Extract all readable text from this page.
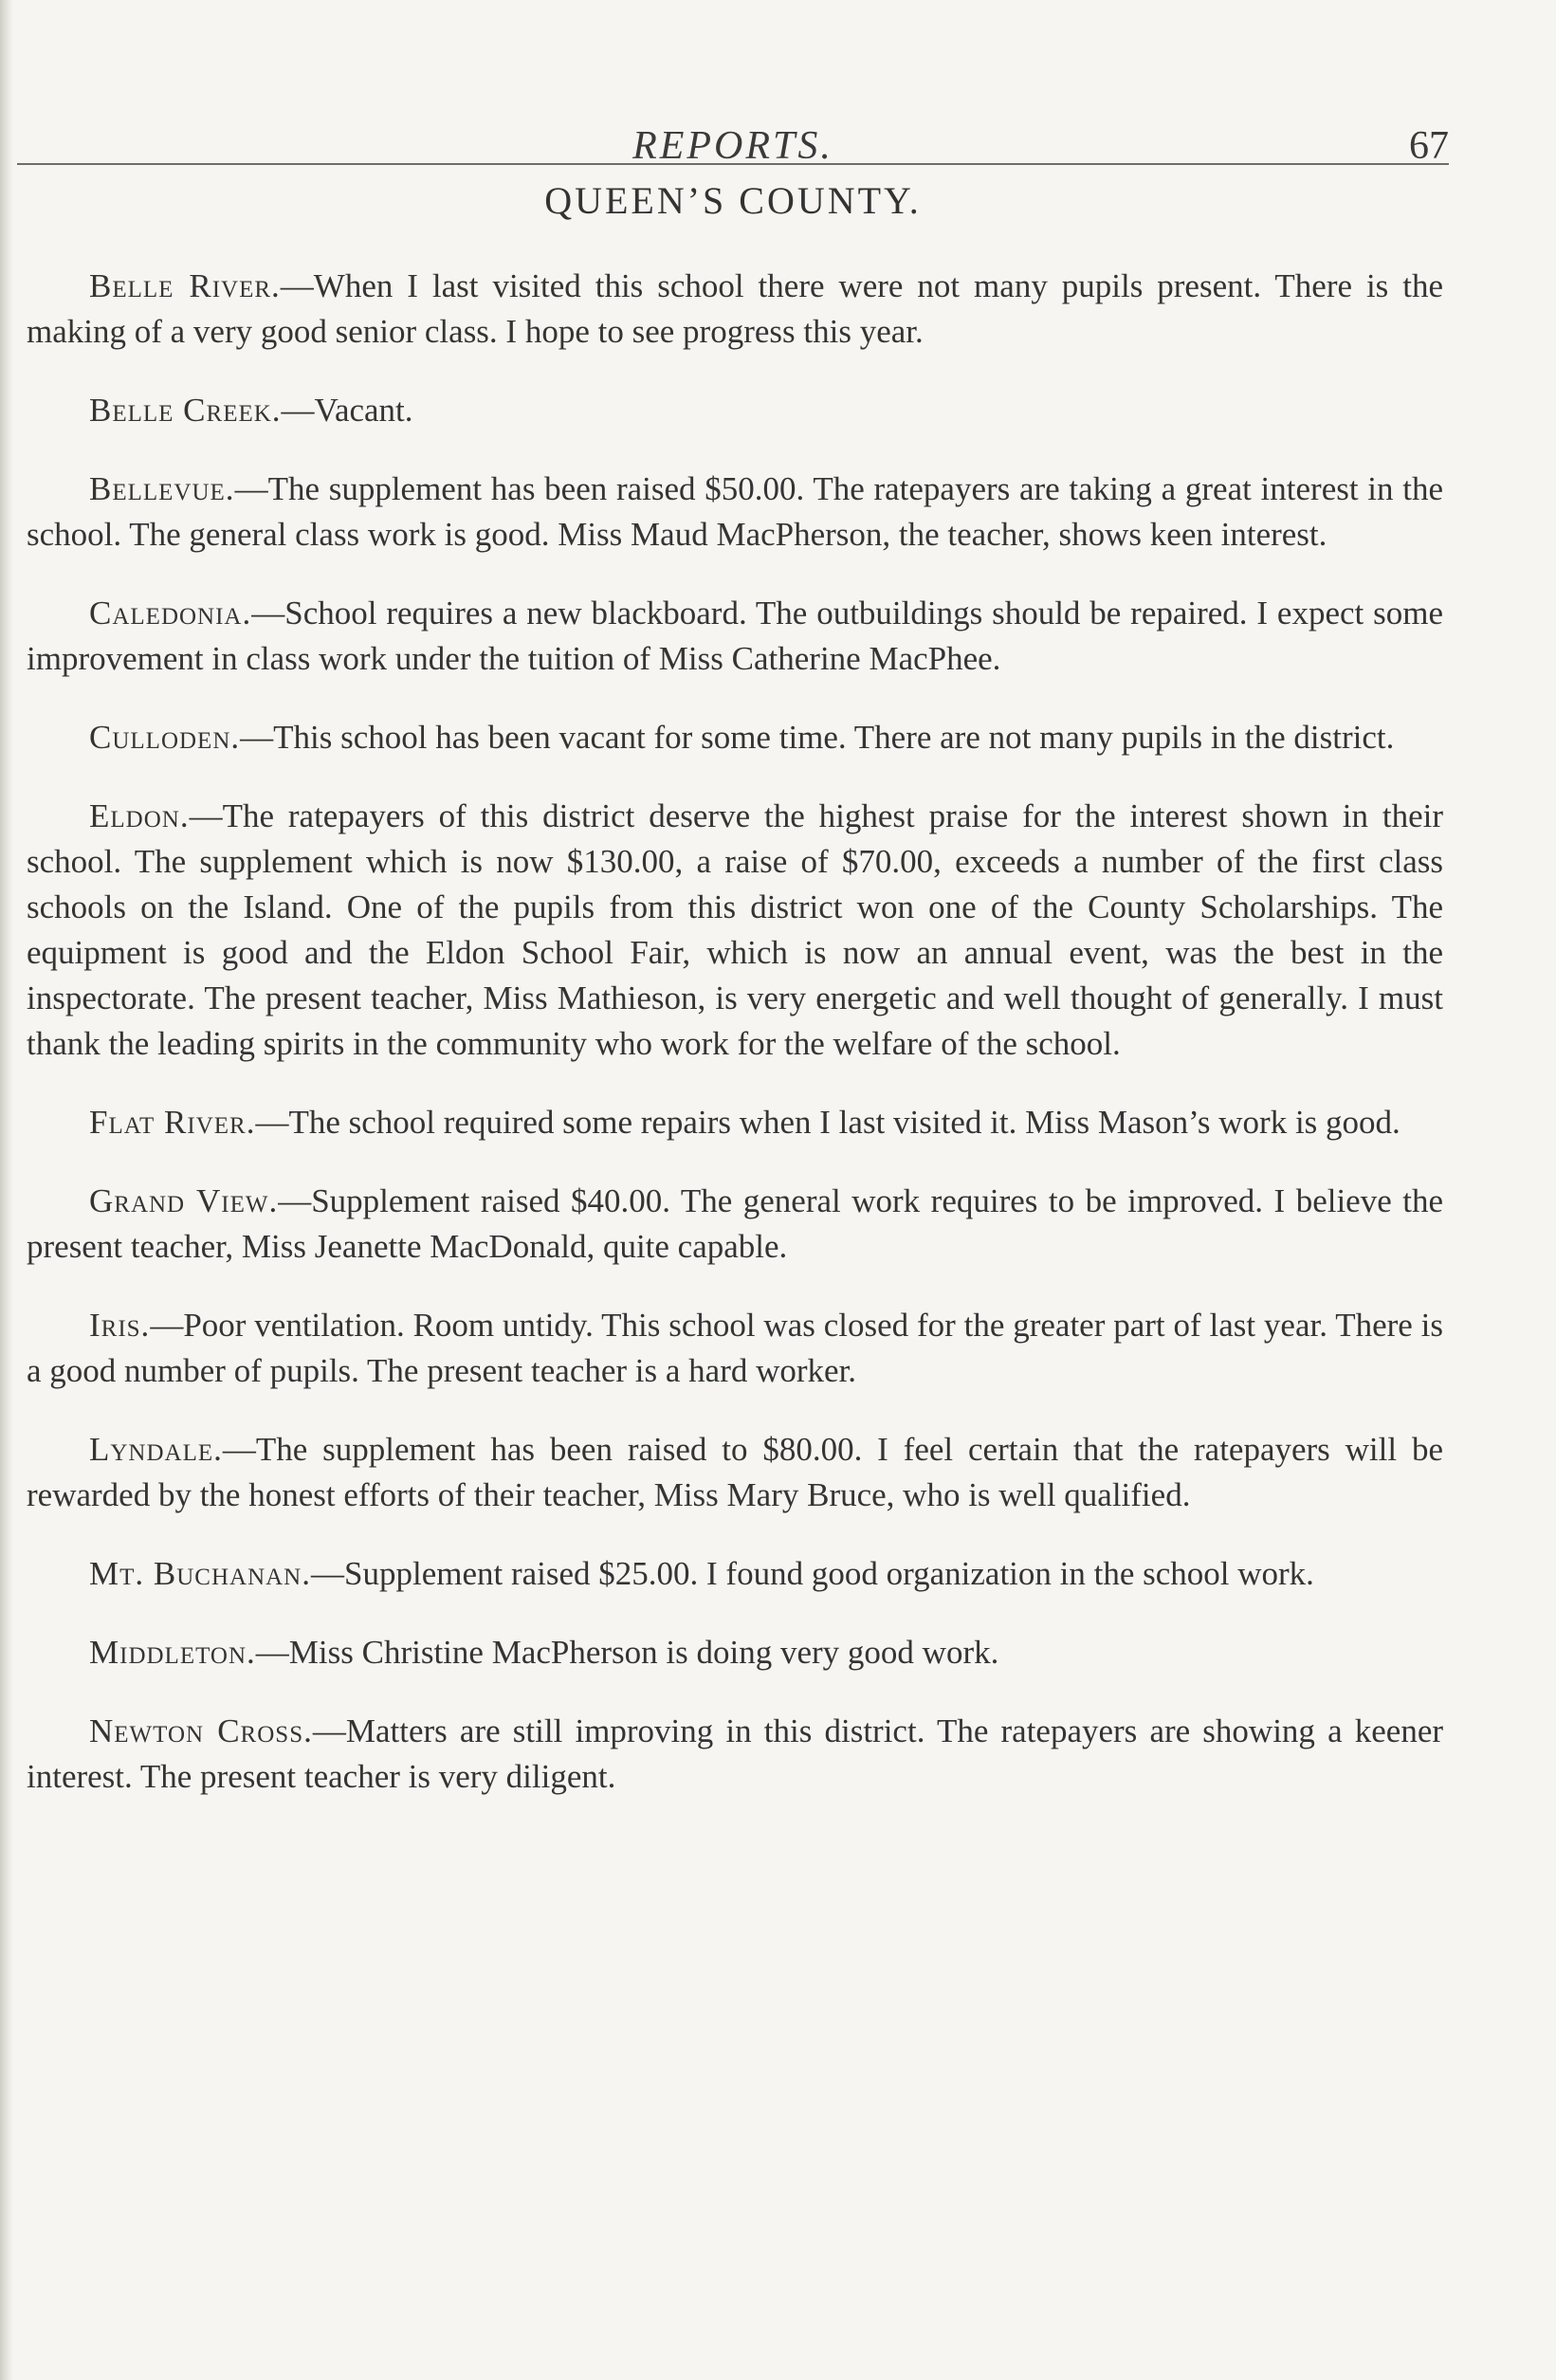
REPORTS.	67
QUEEN’S COUNTY.

Belle River.—When I last visited this school there were not many pupils present. There is the making of a very good senior class. I hope to see progress this year.

Belle Creek.—Vacant.

Bellevue.—The supplement has been raised $50.00. The ratepayers are taking a great interest in the school. The general class work is good. Miss Maud MacPherson, the teacher, shows keen interest.

Caledonia.—School requires a new blackboard. The outbuildings should be repaired. I expect some improvement in class work under the tuition of Miss Catherine MacPhee.

Culloden.—This school has been vacant for some time. There are not many pupils in the district.

Eldon.—The ratepayers of this district deserve the highest praise for the interest shown in their school. The supplement which is now $130.00, a raise of $70.00, exceeds a number of the first class schools on the Island. One of the pupils from this district won one of the County Scholarships. The equipment is good and the Eldon School Fair, which is now an annual event, was the best in the inspectorate. The present teacher, Miss Mathieson, is very energetic and well thought of generally. I must thank the leading spirits in the community who work for the welfare of the school.

Flat River.—The school required some repairs when I last visited it. Miss Mason’s work is good.

Grand View.—Supplement raised $40.00. The general work requires to be improved. I believe the present teacher, Miss Jeanette MacDonald, quite capable.

Iris.—Poor ventilation. Room untidy. This school was closed for the greater part of last year. There is a good number of pupils. The present teacher is a hard worker.

Lyndale.—The supplement has been raised to $80.00. I feel certain that the ratepayers will be rewarded by the honest efforts of their teacher, Miss Mary Bruce, who is well qualified.

Mt. Buchanan.—Supplement raised $25.00. I found good organization in the school work.

Middleton.—Miss Christine MacPherson is doing very good work.

Newton Cross.—Matters are still improving in this district. The ratepayers are showing a keener interest. The present teacher is very diligent.
